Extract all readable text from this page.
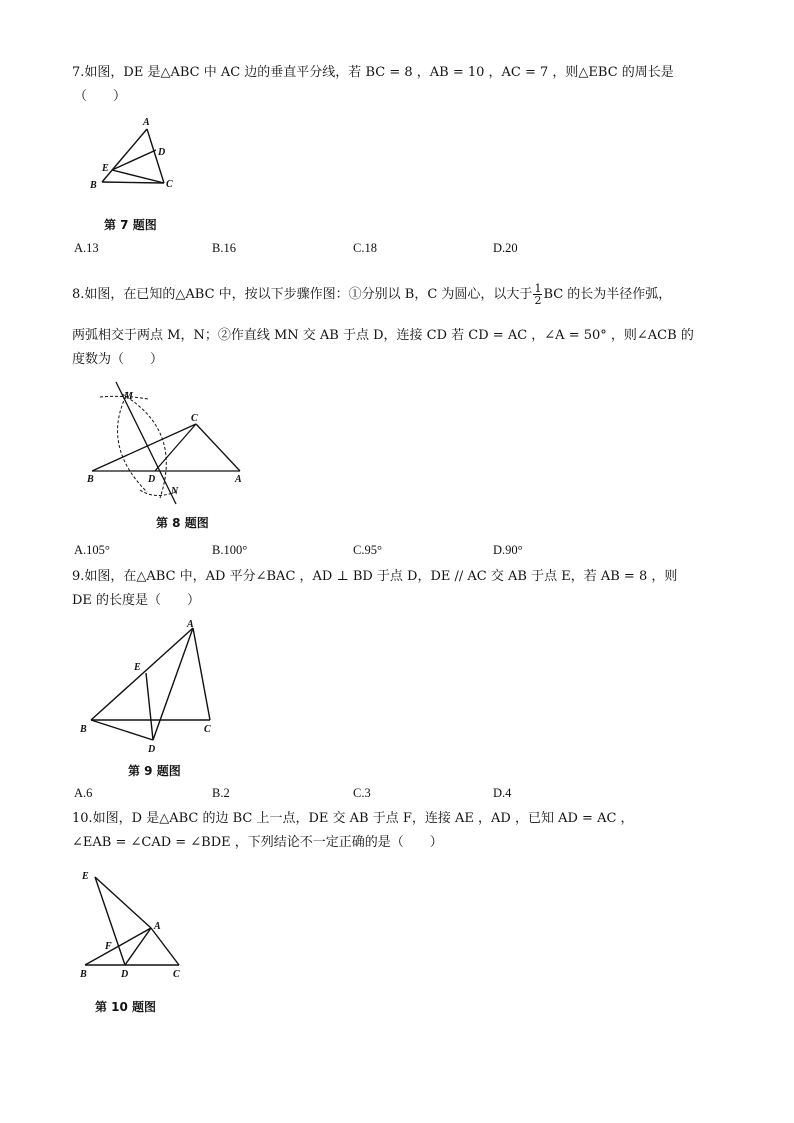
7.如图，DE 是△ABC 中 AC 边的垂直平分线，若 BC = 8 ，AB = 10 ，AC = 7 ，则△EBC 的周长是
（　　）
A
D
E
B	C
第 7 题图
A.13	B.16	C.18	D.20
8.如图，在已知的△ABC 中，按以下步骤作图：①分别以 B，C 为圆心，以大于 $\frac{1}{2}$ BC 的长为半径作弧，
两弧相交于两点 M，N；②作直线 MN 交 AB 于点 D，连接 CD 若 CD = AC ，∠A = 50° ，则∠ACB 的
度数为（　　）
M
C
B	D	A
N
第 8 题图
A.105°	B.100°	C.95°	D.90°
9.如图，在△ABC 中，AD 平分∠BAC ，AD ⊥ BD 于点 D，DE // AC 交 AB 于点 E，若 AB = 8 ，则
DE 的长度是（　　）
A
E
B	C
D
第 9 题图
A.6	B.2	C.3	D.4
10.如图，D 是△ABC 的边 BC 上一点，DE 交 AB 于点 F，连接 AE ，AD ，已知 AD = AC ，
∠EAB = ∠CAD = ∠BDE ，下列结论不一定正确的是（　　）
E
A
F
B	D	C
第 10 题图
